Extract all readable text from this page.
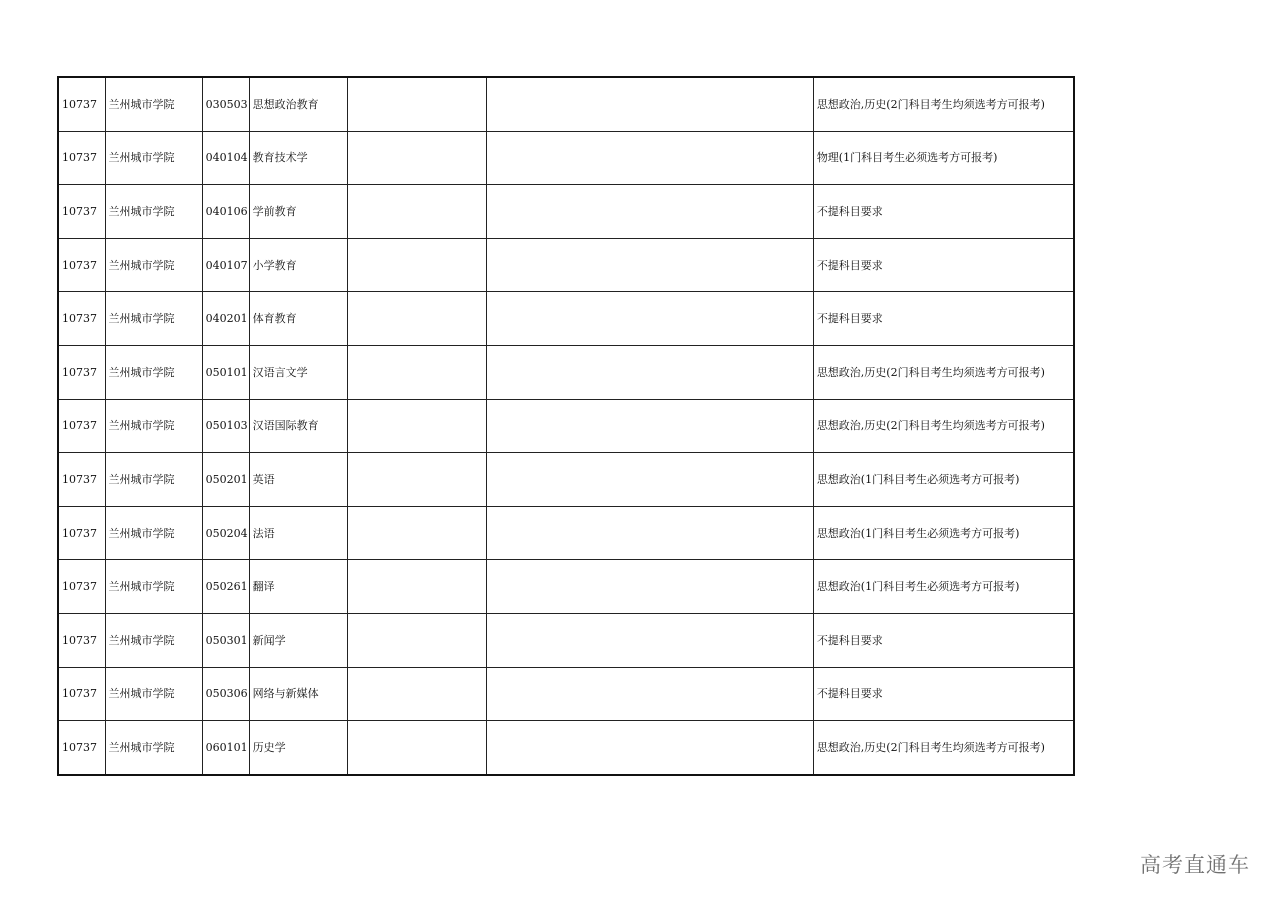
10737	兰州城市学院	030503	思想政治教育			思想政治,历史(2门科目考生均须选考方可报考)
10737	兰州城市学院	040104	教育技术学			物理(1门科目考生必须选考方可报考)
10737	兰州城市学院	040106	学前教育			不提科目要求
10737	兰州城市学院	040107	小学教育			不提科目要求
10737	兰州城市学院	040201	体育教育			不提科目要求
10737	兰州城市学院	050101	汉语言文学			思想政治,历史(2门科目考生均须选考方可报考)
10737	兰州城市学院	050103	汉语国际教育			思想政治,历史(2门科目考生均须选考方可报考)
10737	兰州城市学院	050201	英语			思想政治(1门科目考生必须选考方可报考)
10737	兰州城市学院	050204	法语			思想政治(1门科目考生必须选考方可报考)
10737	兰州城市学院	050261	翻译			思想政治(1门科目考生必须选考方可报考)
10737	兰州城市学院	050301	新闻学			不提科目要求
10737	兰州城市学院	050306	网络与新媒体			不提科目要求
10737	兰州城市学院	060101	历史学			思想政治,历史(2门科目考生均须选考方可报考)
高考直通车
